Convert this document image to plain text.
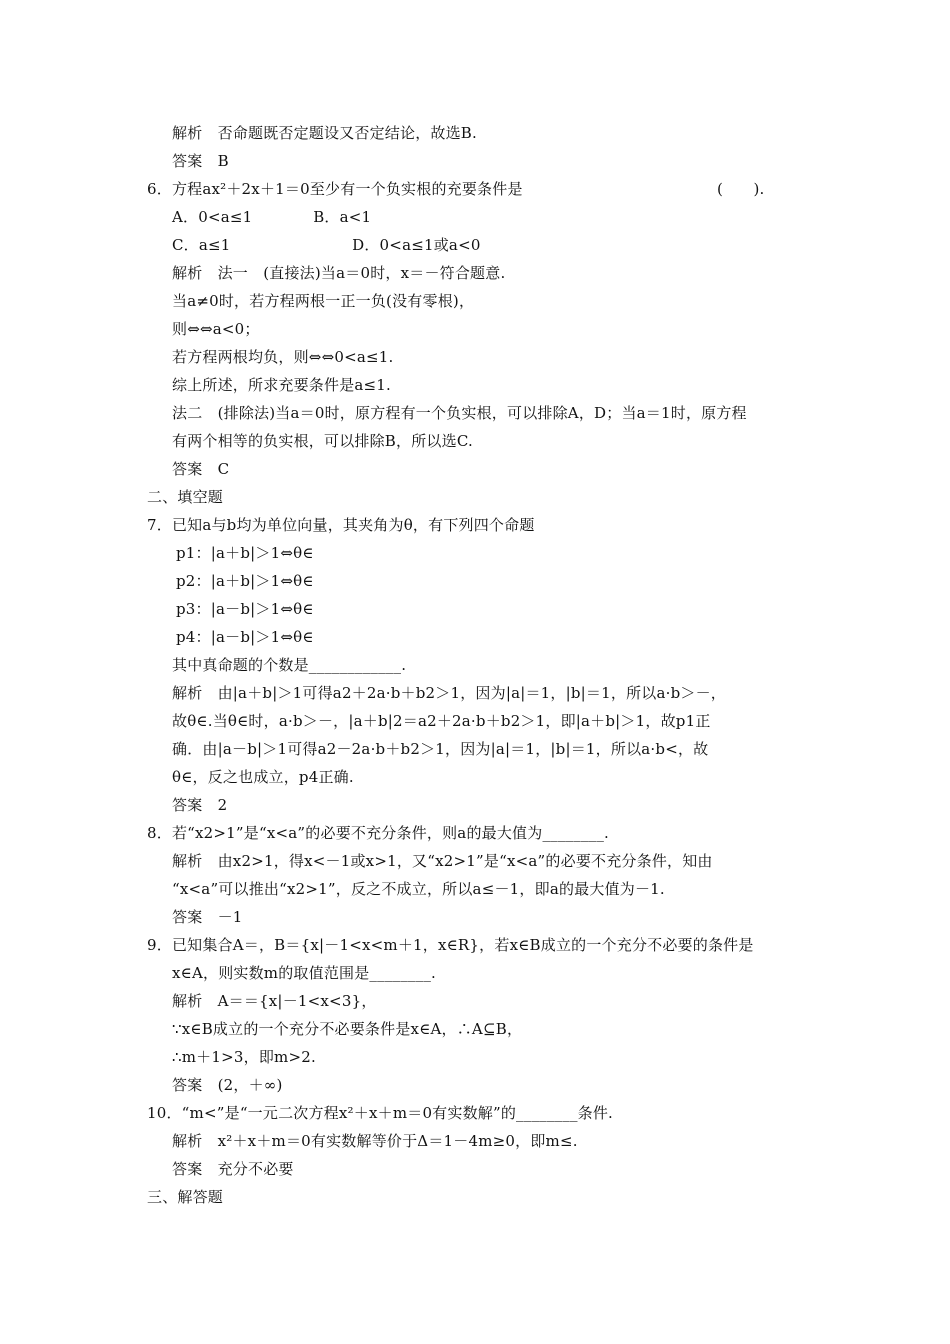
解析　否命题既否定题设又否定结论，故选B.
答案　B
6．方程ax²＋2x＋1＝0至少有一个负实根的充要条件是	(　　).
A．0<a≤1　　　　B．a<1
C．a≤1　　　　　　　　D．0<a≤1或a<0
解析　法一　(直接法)当a＝0时，x＝－符合题意.
当a≠0时，若方程两根一正一负(没有零根)，
则⇔⇔a<0；
若方程两根均负，则⇔⇔0<a≤1.
综上所述，所求充要条件是a≤1.
法二　(排除法)当a＝0时，原方程有一个负实根，可以排除A，D；当a＝1时，原方程
有两个相等的负实根，可以排除B，所以选C.
答案　C
二、填空题
7．已知a与b均为单位向量，其夹角为θ，有下列四个命题
p1：|a＋b|＞1⇔θ∈
p2：|a＋b|＞1⇔θ∈
p3：|a－b|＞1⇔θ∈
p4：|a－b|＞1⇔θ∈
其中真命题的个数是____________.
解析　由|a＋b|＞1可得a2＋2a·b＋b2＞1，因为|a|＝1，|b|＝1，所以a·b＞－，
故θ∈.当θ∈时，a·b＞－，|a＋b|2＝a2＋2a·b＋b2＞1，即|a＋b|＞1，故p1正
确．由|a－b|＞1可得a2－2a·b＋b2＞1，因为|a|＝1，|b|＝1，所以a·b<，故
θ∈，反之也成立，p4正确.
答案　2
8．若“x2>1”是“x<a”的必要不充分条件，则a的最大值为________.
解析　由x2>1，得x<－1或x>1，又“x2>1”是“x<a”的必要不充分条件，知由
“x<a”可以推出“x2>1”，反之不成立，所以a≤－1，即a的最大值为－1.
答案　－1
9．已知集合A＝，B＝{x|－1<x<m＋1，x∈R}，若x∈B成立的一个充分不必要的条件是
x∈A，则实数m的取值范围是________.
解析　A＝＝{x|－1<x<3}，
∵x∈B成立的一个充分不必要条件是x∈A，∴A⊆B，
∴m＋1>3，即m>2.
答案　(2，＋∞)
10．“m<”是“一元二次方程x²＋x＋m＝0有实数解”的________条件.
解析　x²＋x＋m＝0有实数解等价于Δ＝1－4m≥0，即m≤.
答案　充分不必要
三、解答题
